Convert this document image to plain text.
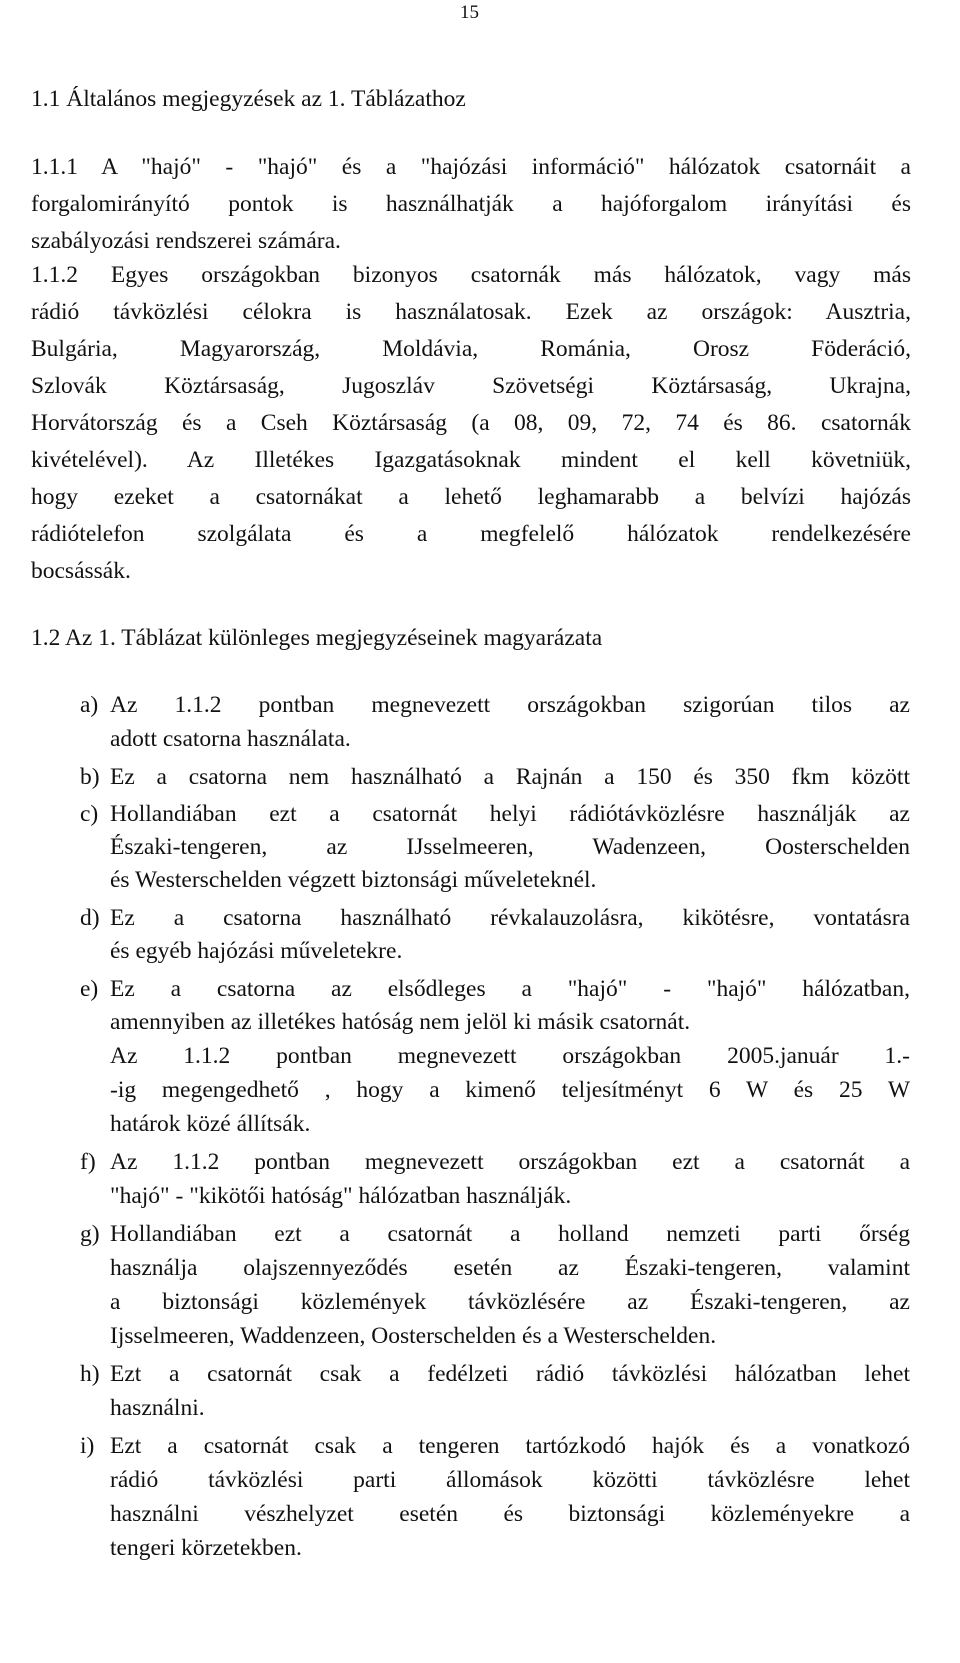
15
1.1 Általános megjegyzések az 1. Táblázathoz
1.1.1 A "hajó" - "hajó" és a "hajózási információ" hálózatok csatornáit a
forgalomirányító pontok is használhatják a hajóforgalom irányítási és
szabályozási rendszerei számára.
1.1.2 Egyes országokban bizonyos csatornák más hálózatok, vagy más
rádió távközlési célokra is használatosak. Ezek az országok: Ausztria,
Bulgária, Magyarország, Moldávia, Románia, Orosz Föderáció,
Szlovák Köztársaság, Jugoszláv Szövetségi Köztársaság, Ukrajna,
Horvátország és a Cseh Köztársaság (a 08, 09, 72, 74 és 86. csatornák
kivételével). Az Illetékes Igazgatásoknak mindent el kell követniük,
hogy ezeket a csatornákat a lehető leghamarabb a belvízi hajózás
rádiótelefon szolgálata és a megfelelő hálózatok rendelkezésére
bocsássák.
1.2 Az 1. Táblázat különleges megjegyzéseinek magyarázata
a) Az 1.1.2 pontban megnevezett országokban szigorúan tilos az
adott csatorna használata.
b) Ez a csatorna nem használható a Rajnán a 150 és 350 fkm között
c) Hollandiában ezt a csatornát helyi rádiótávközlésre használják az
Északi-tengeren, az IJsselmeeren, Wadenzeen, Oosterschelden
és Westerschelden végzett biztonsági műveleteknél.
d) Ez a csatorna használható révkalauzolásra, kikötésre, vontatásra
és egyéb hajózási műveletekre.
e) Ez a csatorna az elsődleges a "hajó" - "hajó" hálózatban,
amennyiben az illetékes hatóság nem jelöl ki másik csatornát.
Az 1.1.2 pontban megnevezett országokban 2005.január 1.-
-ig megengedhető , hogy a kimenő teljesítményt 6 W és 25 W
határok közé állítsák.
f) Az 1.1.2 pontban megnevezett országokban ezt a csatornát a
"hajó" - "kikötői hatóság" hálózatban használják.
g) Hollandiában ezt a csatornát a holland nemzeti parti őrség
használja olajszennyeződés esetén az Északi-tengeren, valamint
a biztonsági közlemények távközlésére az Északi-tengeren, az
Ijsselmeeren, Waddenzeen, Oosterschelden és a Westerschelden.
h) Ezt a csatornát csak a fedélzeti rádió távközlési hálózatban lehet
használni.
i) Ezt a csatornát csak a tengeren tartózkodó hajók és a vonatkozó
rádió távközlési parti állomások közötti távközlésre lehet
használni vészhelyzet esetén és biztonsági közleményekre a
tengeri körzetekben.
